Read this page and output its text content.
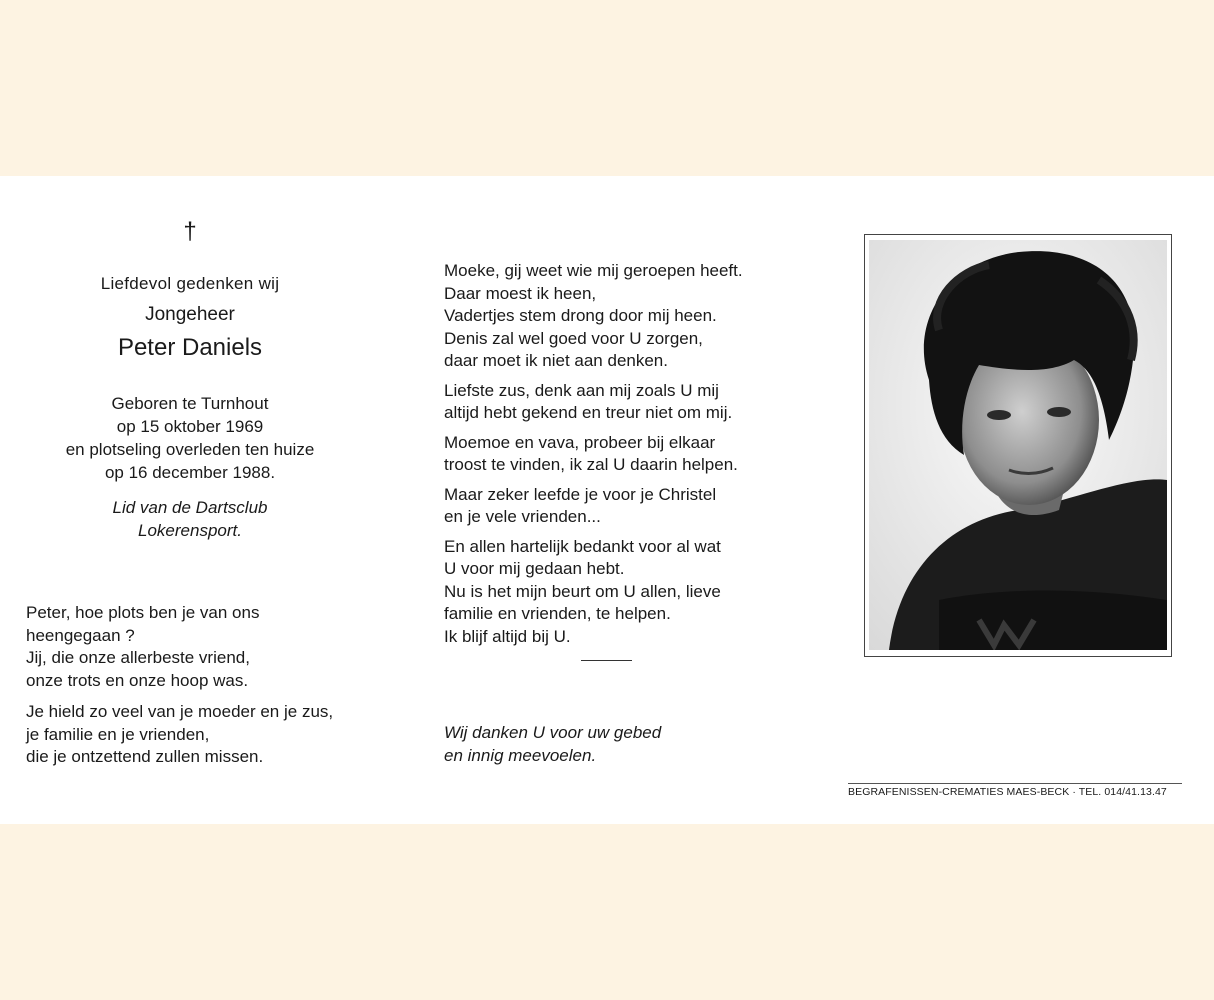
†
Liefdevol gedenken wij
Jongeheer
Peter Daniels
Geboren te Turnhout
op 15 oktober 1969
en plotseling overleden ten huize
op 16 december 1988.
Lid van de Dartsclub
Lokerensport.

Peter, hoe plots ben je van ons
heengegaan ?
Jij, die onze allerbeste vriend,
onze trots en onze hoop was.

Je hield zo veel van je moeder en je zus,
je familie en je vrienden,
die je ontzettend zullen missen.

Moeke, gij weet wie mij geroepen heeft.
Daar moest ik heen,
Vadertjes stem drong door mij heen.
Denis zal wel goed voor U zorgen,
daar moet ik niet aan denken.

Liefste zus, denk aan mij zoals U mij
altijd hebt gekend en treur niet om mij.

Moemoe en vava, probeer bij elkaar
troost te vinden, ik zal U daarin helpen.

Maar zeker leefde je voor je Christel
en je vele vrienden...

En allen hartelijk bedankt voor al wat
U voor mij gedaan hebt.

Nu is het mijn beurt om U allen, lieve
familie en vrienden, te helpen.
Ik blijf altijd bij U.

Wij danken U voor uw gebed
en innig meevoelen.
BEGRAFENISSEN-CREMATIES MAES-BECK · TEL. 014/41.13.47
